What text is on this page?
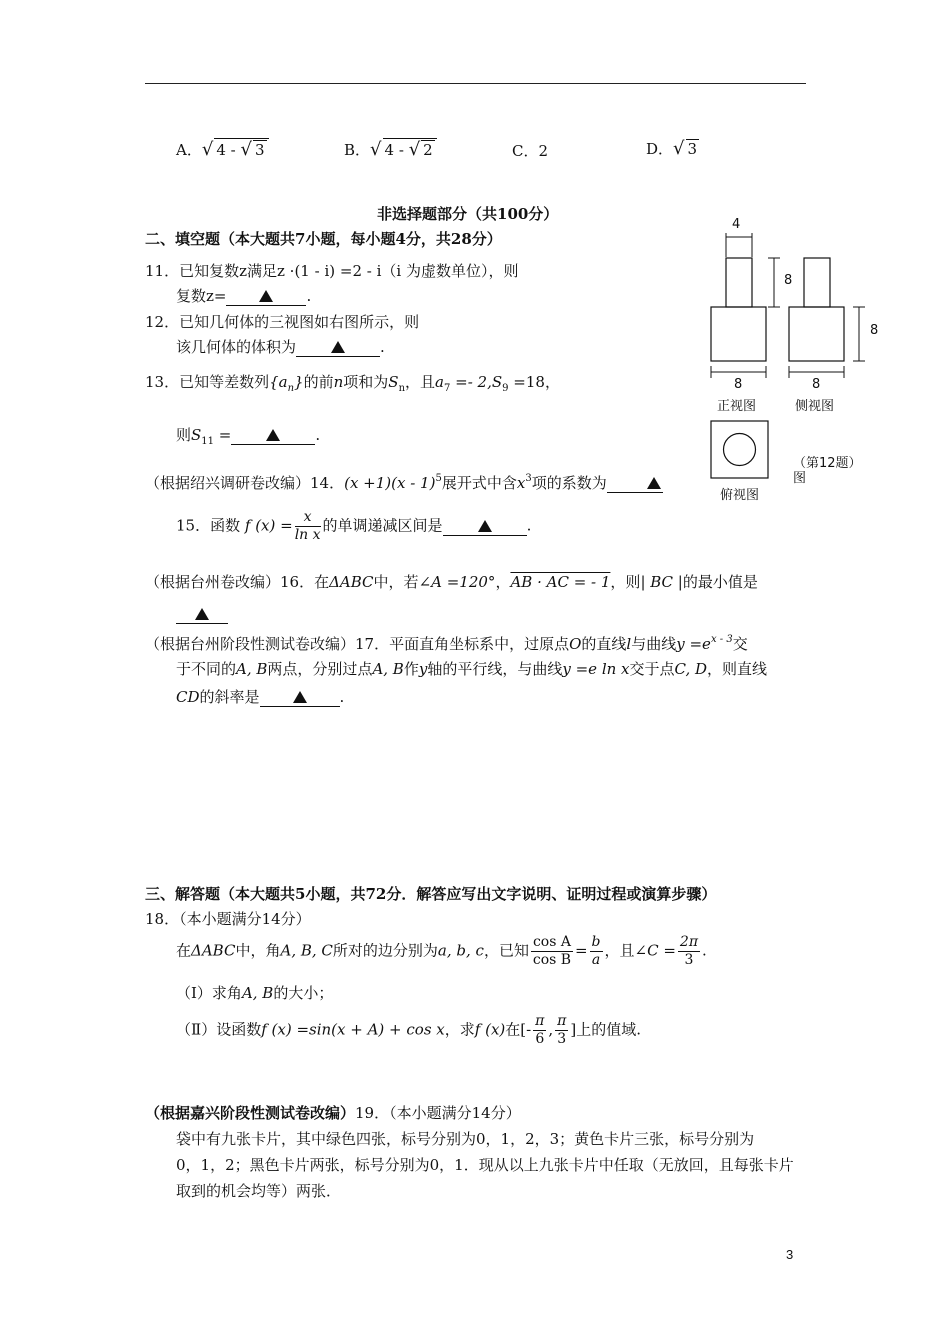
A．√ 4 - √ 3	B．√ 4 - √ 2	C．2	D．√ 3
非选择题部分（共100分）
二、填空题（本大题共7小题，每小题4分，共28分）
11．已知复数z满足z ·(1 - i) =2 - i（i 为虚数单位），则
复数z=	.
12．已知几何体的三视图如右图所示，则
该几何体的体积为	.
13．已知等差数列$\{a_n\}$的前n项和为$S_n$，且$a_7 =- 2,S_9 =18$，
则$S_{11}$ =	.
（根据绍兴调研卷改编）14．(x +1)(x - 1)$^5$展开式中含$x^3$项的系数为
15．函数 f $(x) = \frac{x}{\text{ln x}}$ 的单调递减区间是	.
（根据台州卷改编）16．在ΔABC中，若∠A =120°，AB · AC = - 1，则| BC |的最小值是
（根据台州阶段性测试卷改编）17．平面直角坐标系中，过原点O的直线l与曲线$y =e^{x - 3}$交
于不同的A, B两点，分别过点A, B作y轴的平行线，与曲线y =e ln x交于点C, D，则直线
CD的斜率是	.
三、解答题（本大题共5小题，共72分．解答应写出文字说明、证明过程或演算步骤）
18．（本小题满分14分）
在ΔABC中，角A, B, C所对的边分别为a, b, c，已知 $\frac{\text{cos A}}{\text{cos B}} = \frac{b}{a}$ ，且∠C = $\frac{2\pi}{3}$ .
（Ⅰ）求角A, B的大小；
（Ⅱ）设函数f (x) =sin(x + A) + cos x，求f (x)在[- $\frac{\pi}{6}$ , $\frac{\pi}{3}$ ]上的值域.
（根据嘉兴阶段性测试卷改编）19．（本小题满分14分）
袋中有九张卡片，其中绿色四张，标号分别为0，1，2，3；黄色卡片三张，标号分别为
0，1，2；黑色卡片两张，标号分别为0，1．现从以上九张卡片中任取（无放回，且每张卡片
取到的机会均等）两张．
4
8
8
8	8
正视图	侧视图
俯视图
（第12题）
图
3
